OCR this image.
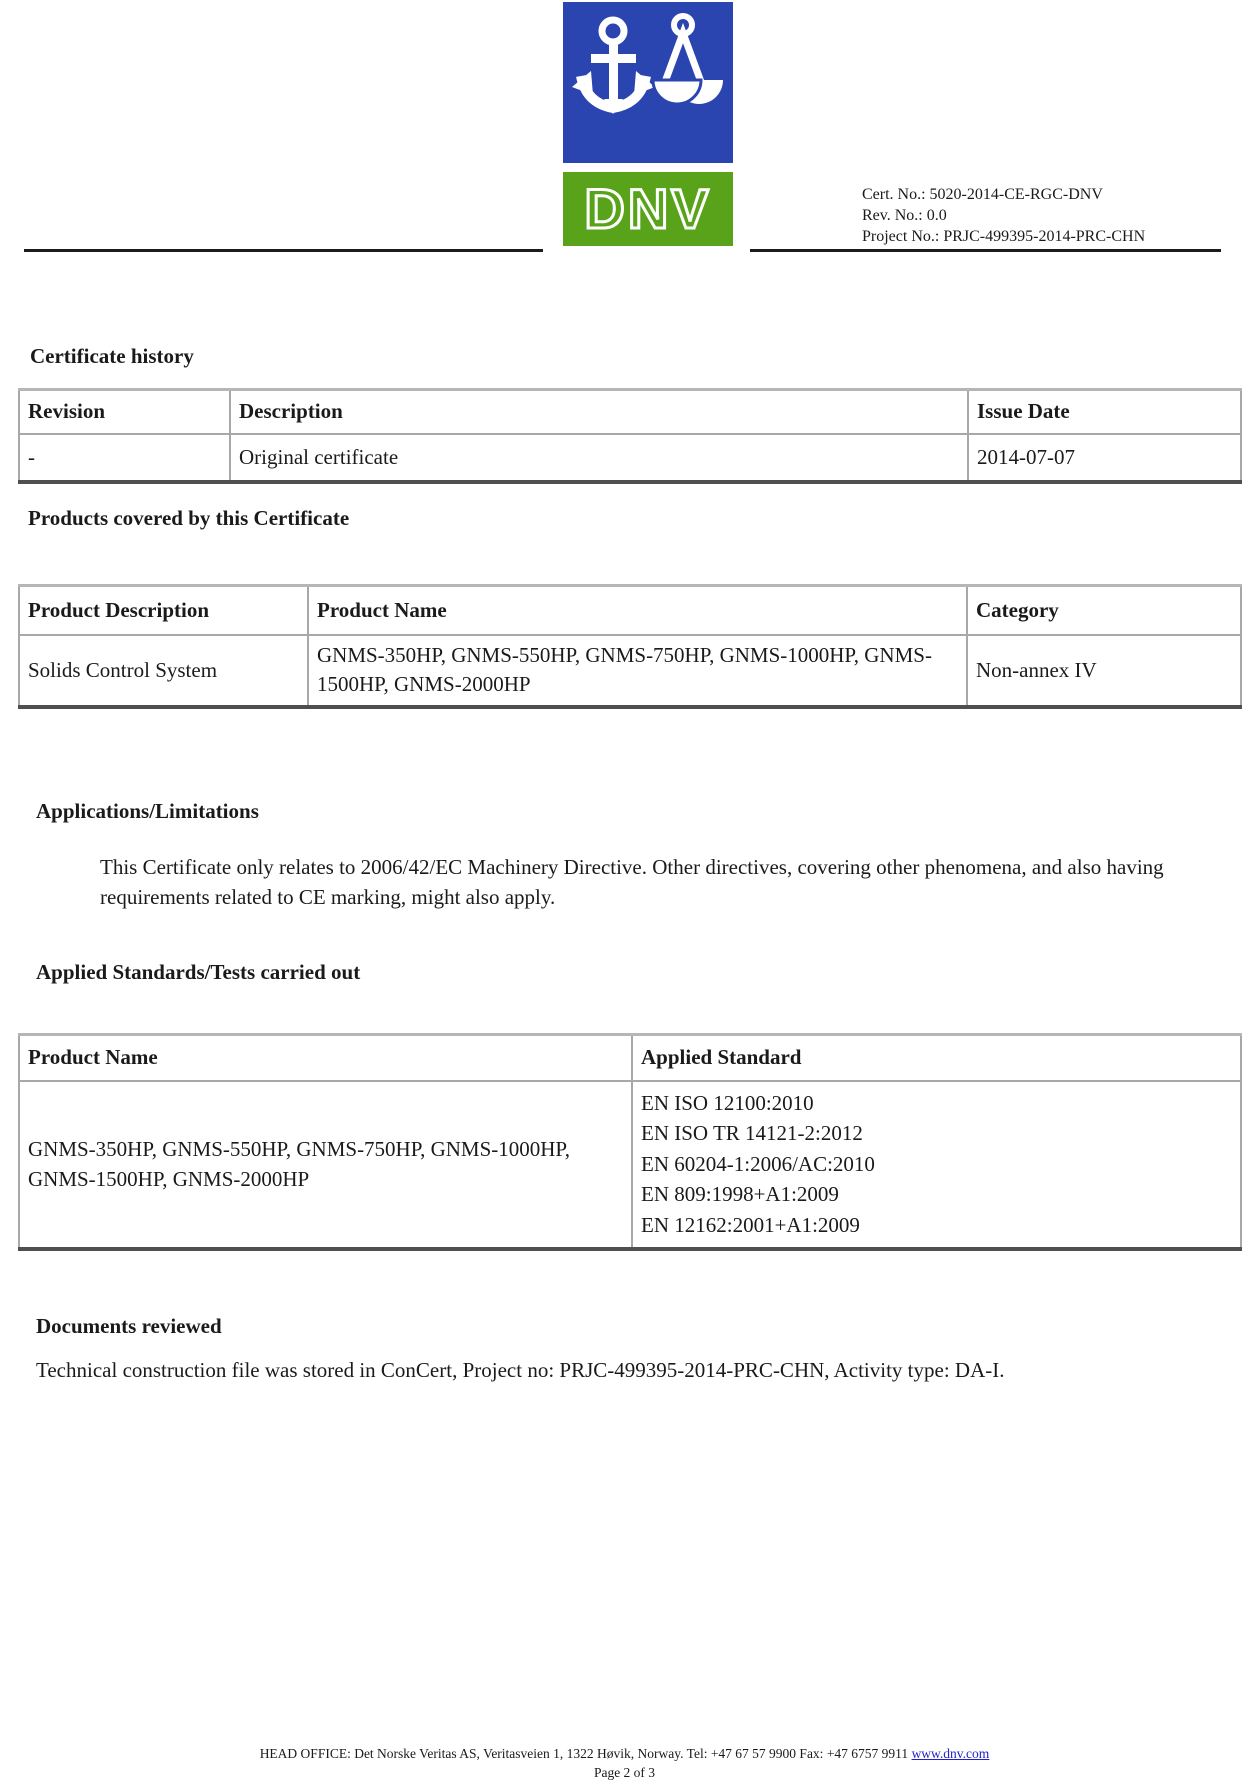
DNV	Cert. No.: 5020-2014-CE-RGC-DNV
Rev. No.: 0.0
Project No.: PRJC-499395-2014-PRC-CHN
Certificate history
Revision	Description	Issue Date
-	Original certificate	2014-07-07
Products covered by this Certificate
Product Description	Product Name	Category
Solids Control System	GNMS-350HP, GNMS-550HP, GNMS-750HP, GNMS-1000HP, GNMS-1500HP, GNMS-2000HP	Non-annex IV
Applications/Limitations
This Certificate only relates to 2006/42/EC Machinery Directive. Other directives, covering other phenomena, and also having requirements related to CE marking, might also apply.
Applied Standards/Tests carried out
Product Name	Applied Standard
GNMS-350HP, GNMS-550HP, GNMS-750HP, GNMS-1000HP, GNMS-1500HP, GNMS-2000HP	EN ISO 12100:2010
EN ISO TR 14121-2:2012
EN 60204-1:2006/AC:2010
EN 809:1998+A1:2009
EN 12162:2001+A1:2009
Documents reviewed
Technical construction file was stored in ConCert, Project no: PRJC-499395-2014-PRC-CHN, Activity type: DA-I.
HEAD OFFICE: Det Norske Veritas AS, Veritasveien 1, 1322 Høvik, Norway. Tel: +47 67 57 9900 Fax: +47 6757 9911 www.dnv.com
Page 2 of 3
